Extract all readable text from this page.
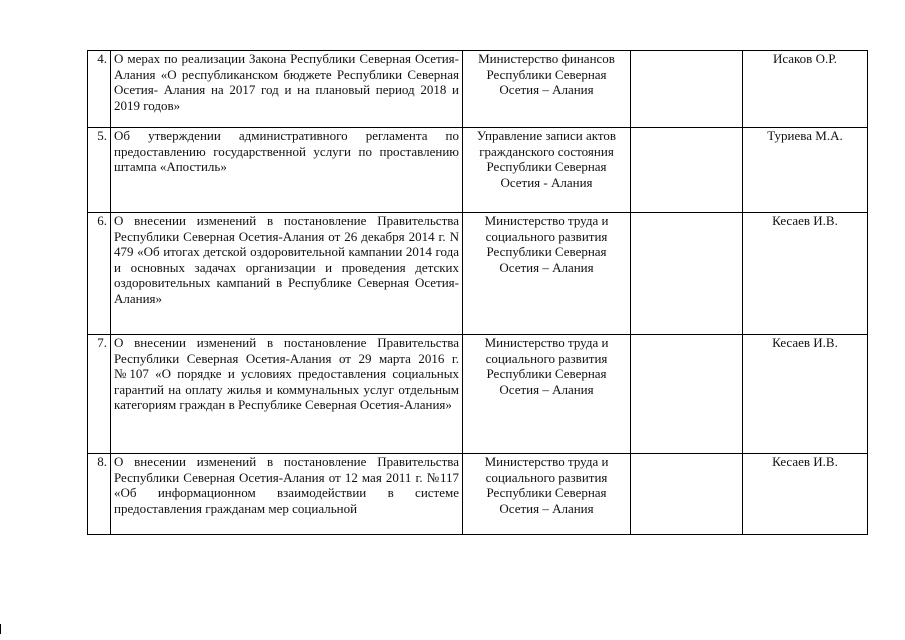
4.	О мерах по реализации Закона Республики Северная Осетия-Алания «О республиканском бюджете Республики Северная Осетия- Алания на 2017 год и на плановый период 2018 и 2019 годов»	Министерство финансов Республики Северная Осетия – Алания		Исаков О.Р.
5.	Об утверждении административного регламента по предоставлению государственной услуги по проставлению штампа «Апостиль»	Управление записи актов гражданского состояния Республики Северная Осетия - Алания		Туриева М.А.
6.	О внесении изменений в постановление Правительства Республики Северная Осетия-Алания от 26 декабря 2014 г. N 479 «Об итогах детской оздоровительной кампании 2014 года и основных задачах организации и проведения детских оздоровительных кампаний в Республике Северная Осетия-Алания»	Министерство труда и социального развития Республики Северная Осетия – Алания		Кесаев И.В.
7.	О внесении изменений в постановление Правительства Республики Северная Осетия-Алания от 29 марта 2016 г. №107 «О порядке и условиях предоставления социальных гарантий на оплату жилья и коммунальных услуг отдельным категориям граждан в Республике Северная Осетия-Алания»	Министерство труда и социального развития Республики Северная Осетия – Алания		Кесаев И.В.
8.	О внесении изменений в постановление Правительства Республики Северная Осетия-Алания от 12 мая 2011 г. №117 «Об информационном взаимодействии в системе предоставления гражданам мер социальной	Министерство труда и социального развития Республики Северная Осетия – Алания		Кесаев И.В.
